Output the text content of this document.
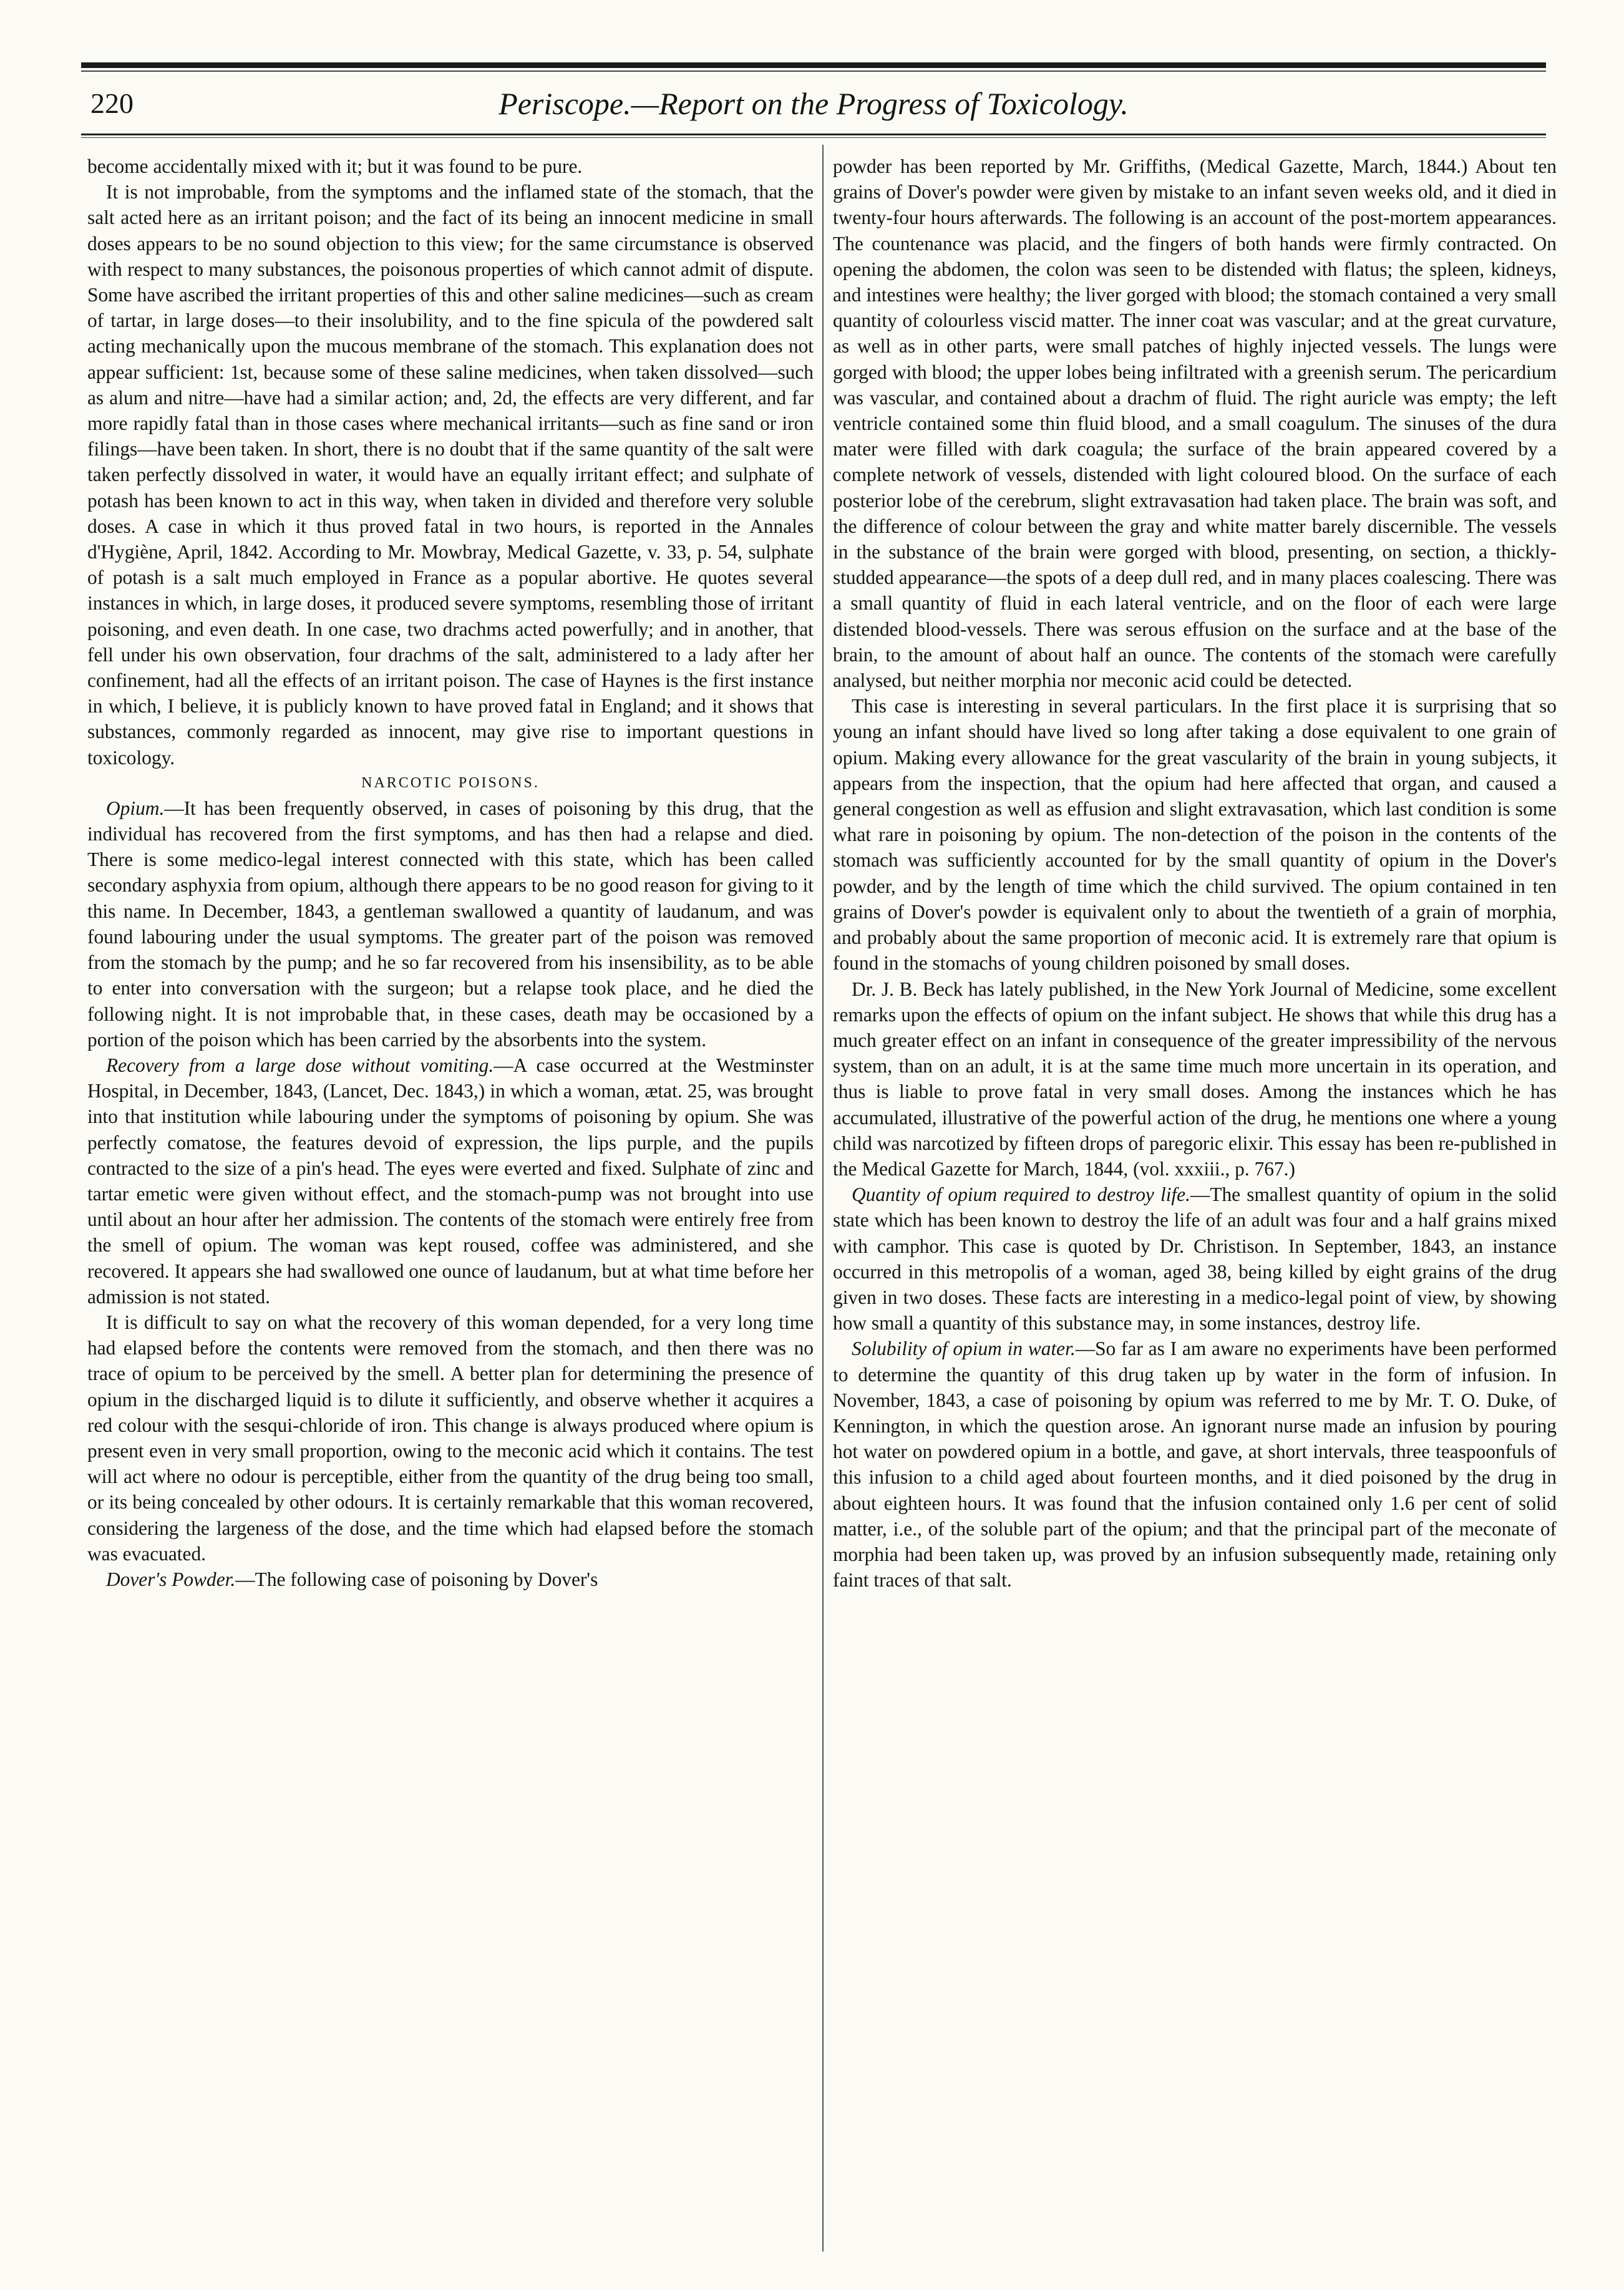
220	Periscope.—Report on the Progress of Toxicology.

become accidentally mixed with it; but it was found to be pure.

It is not improbable, from the symptoms and the inflamed state of the stomach, that the salt acted here as an irritant poison; and the fact of its being an innocent medicine in small doses appears to be no sound objection to this view; for the same circumstance is observed with respect to many substances, the poisonous properties of which cannot admit of dispute. Some have ascribed the irritant properties of this and other saline medicines—such as cream of tartar, in large doses—to their insolubility, and to the fine spicula of the powdered salt acting mechanically upon the mucous membrane of the stomach. This explanation does not appear sufficient: 1st, because some of these saline medicines, when taken dissolved—such as alum and nitre—have had a similar action; and, 2d, the effects are very different, and far more rapidly fatal than in those cases where mechanical irritants—such as fine sand or iron filings—have been taken. In short, there is no doubt that if the same quantity of the salt were taken perfectly dissolved in water, it would have an equally irritant effect; and sulphate of potash has been known to act in this way, when taken in divided and therefore very soluble doses. A case in which it thus proved fatal in two hours, is reported in the Annales d'Hygiène, April, 1842. According to Mr. Mowbray, Medical Gazette, v. 33, p. 54, sulphate of potash is a salt much employed in France as a popular abortive. He quotes several instances in which, in large doses, it produced severe symptoms, resembling those of irritant poisoning, and even death. In one case, two drachms acted powerfully; and in another, that fell under his own observation, four drachms of the salt, administered to a lady after her confinement, had all the effects of an irritant poison. The case of Haynes is the first instance in which, I believe, it is publicly known to have proved fatal in England; and it shows that substances, commonly regarded as innocent, may give rise to important questions in toxicology.

NARCOTIC POISONS.

Opium.—It has been frequently observed, in cases of poisoning by this drug, that the individual has recovered from the first symptoms, and has then had a relapse and died. There is some medico-legal interest connected with this state, which has been called secondary asphyxia from opium, although there appears to be no good reason for giving to it this name. In December, 1843, a gentleman swallowed a quantity of laudanum, and was found labouring under the usual symptoms. The greater part of the poison was removed from the stomach by the pump; and he so far recovered from his insensibility, as to be able to enter into conversation with the surgeon; but a relapse took place, and he died the following night. It is not improbable that, in these cases, death may be occasioned by a portion of the poison which has been carried by the absorbents into the system.

Recovery from a large dose without vomiting.—A case occurred at the Westminster Hospital, in December, 1843, (Lancet, Dec. 1843,) in which a woman, ætat. 25, was brought into that institution while labouring under the symptoms of poisoning by opium. She was perfectly comatose, the features devoid of expression, the lips purple, and the pupils contracted to the size of a pin's head. The eyes were everted and fixed. Sulphate of zinc and tartar emetic were given without effect, and the stomach-pump was not brought into use until about an hour after her admission. The contents of the stomach were entirely free from the smell of opium. The woman was kept roused, coffee was administered, and she recovered. It appears she had swallowed one ounce of laudanum, but at what time before her admission is not stated.

It is difficult to say on what the recovery of this woman depended, for a very long time had elapsed before the contents were removed from the stomach, and then there was no trace of opium to be perceived by the smell. A better plan for determining the presence of opium in the discharged liquid is to dilute it sufficiently, and observe whether it acquires a red colour with the sesqui-chloride of iron. This change is always produced where opium is present even in very small proportion, owing to the meconic acid which it contains. The test will act where no odour is perceptible, either from the quantity of the drug being too small, or its being concealed by other odours. It is certainly remarkable that this woman recovered, considering the largeness of the dose, and the time which had elapsed before the stomach was evacuated.

Dover's Powder.—The following case of poisoning by Dover's

powder has been reported by Mr. Griffiths, (Medical Gazette, March, 1844.) About ten grains of Dover's powder were given by mistake to an infant seven weeks old, and it died in twenty-four hours afterwards. The following is an account of the post-mortem appearances. The countenance was placid, and the fingers of both hands were firmly contracted. On opening the abdomen, the colon was seen to be distended with flatus; the spleen, kidneys, and intestines were healthy; the liver gorged with blood; the stomach contained a very small quantity of colourless viscid matter. The inner coat was vascular; and at the great curvature, as well as in other parts, were small patches of highly injected vessels. The lungs were gorged with blood; the upper lobes being infiltrated with a greenish serum. The pericardium was vascular, and contained about a drachm of fluid. The right auricle was empty; the left ventricle contained some thin fluid blood, and a small coagulum. The sinuses of the dura mater were filled with dark coagula; the surface of the brain appeared covered by a complete network of vessels, distended with light coloured blood. On the surface of each posterior lobe of the cerebrum, slight extravasation had taken place. The brain was soft, and the difference of colour between the gray and white matter barely discernible. The vessels in the substance of the brain were gorged with blood, presenting, on section, a thickly-studded appearance—the spots of a deep dull red, and in many places coalescing. There was a small quantity of fluid in each lateral ventricle, and on the floor of each were large distended blood-vessels. There was serous effusion on the surface and at the base of the brain, to the amount of about half an ounce. The contents of the stomach were carefully analysed, but neither morphia nor meconic acid could be detected.

This case is interesting in several particulars. In the first place it is surprising that so young an infant should have lived so long after taking a dose equivalent to one grain of opium. Making every allowance for the great vascularity of the brain in young subjects, it appears from the inspection, that the opium had here affected that organ, and caused a general congestion as well as effusion and slight extravasation, which last condition is some what rare in poisoning by opium. The non-detection of the poison in the contents of the stomach was sufficiently accounted for by the small quantity of opium in the Dover's powder, and by the length of time which the child survived. The opium contained in ten grains of Dover's powder is equivalent only to about the twentieth of a grain of morphia, and probably about the same proportion of meconic acid. It is extremely rare that opium is found in the stomachs of young children poisoned by small doses.

Dr. J. B. Beck has lately published, in the New York Journal of Medicine, some excellent remarks upon the effects of opium on the infant subject. He shows that while this drug has a much greater effect on an infant in consequence of the greater impressibility of the nervous system, than on an adult, it is at the same time much more uncertain in its operation, and thus is liable to prove fatal in very small doses. Among the instances which he has accumulated, illustrative of the powerful action of the drug, he mentions one where a young child was narcotized by fifteen drops of paregoric elixir. This essay has been re-published in the Medical Gazette for March, 1844, (vol. xxxiii., p. 767.)

Quantity of opium required to destroy life.—The smallest quantity of opium in the solid state which has been known to destroy the life of an adult was four and a half grains mixed with camphor. This case is quoted by Dr. Christison. In September, 1843, an instance occurred in this metropolis of a woman, aged 38, being killed by eight grains of the drug given in two doses. These facts are interesting in a medico-legal point of view, by showing how small a quantity of this substance may, in some instances, destroy life.

Solubility of opium in water.—So far as I am aware no experiments have been performed to determine the quantity of this drug taken up by water in the form of infusion. In November, 1843, a case of poisoning by opium was referred to me by Mr. T. O. Duke, of Kennington, in which the question arose. An ignorant nurse made an infusion by pouring hot water on powdered opium in a bottle, and gave, at short intervals, three teaspoonfuls of this infusion to a child aged about fourteen months, and it died poisoned by the drug in about eighteen hours. It was found that the infusion contained only 1.6 per cent of solid matter, i.e., of the soluble part of the opium; and that the principal part of the meconate of morphia had been taken up, was proved by an infusion subsequently made, retaining only faint traces of that salt.
